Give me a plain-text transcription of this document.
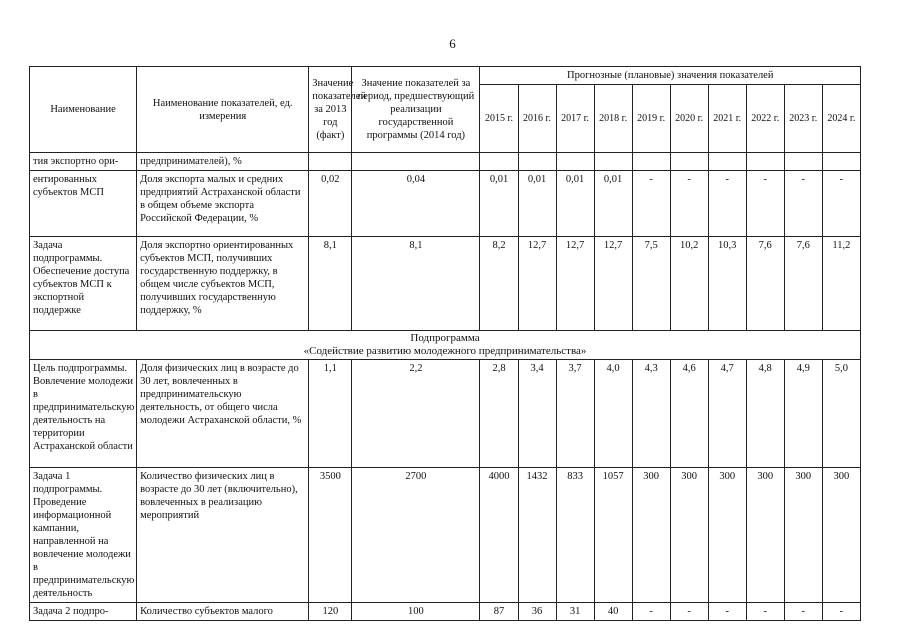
6
Наименование	Наименование показателей, ед. измерения	Значение показателей за 2013 год (факт)	Значение показателей за период, предшествующий реализации государственной программы (2014 год)	Прогнозные (плановые) значения показателей									
				2015 г.	2016 г.	2017 г.	2018 г.	2019 г.	2020 г.	2021 г.	2022 г.	2023 г.	2024 г.
тия экспортно ори-	предпринимателей), %												
ентированных субъектов МСП	Доля экспорта малых и средних предприятий Астраханской области в общем объеме экспорта Российской Федерации, %	0,02	0,04	0,01	0,01	0,01	0,01	-	-	-	-	-	-
Задача подпрограммы. Обеспечение доступа субъектов МСП к экспортной поддержке	Доля экспортно ориентированных субъектов МСП, получивших государственную поддержку, в общем числе субъектов МСП, получивших государственную поддержку, %	8,1	8,1	8,2	12,7	12,7	12,7	7,5	10,2	10,3	7,6	7,6	11,2

Подпрограмма
«Содействие развитию молодежного предпринимательства»													

Цель подпрограммы. Вовлечение молодежи в предпринимательскую деятельность на территории Астраханской области	Доля физических лиц в возрасте до 30 лет, вовлеченных в предпринимательскую деятельность, от общего числа молодежи Астраханской области, %	1,1	2,2	2,8	3,4	3,7	4,0	4,3	4,6	4,7	4,8	4,9	5,0
Задача 1 подпрограммы. Проведение информационной кампании, направленной на вовлечение молодежи в предпринимательскую деятельность	Количество физических лиц в возрасте до 30 лет (включительно), вовлеченных в реализацию мероприятий	3500	2700	4000	1432	833	1057	300	300	300	300	300	300
Задача 2 подпро-	Количество субъектов малого	120	100	87	36	31	40	-	-	-	-	-	-
